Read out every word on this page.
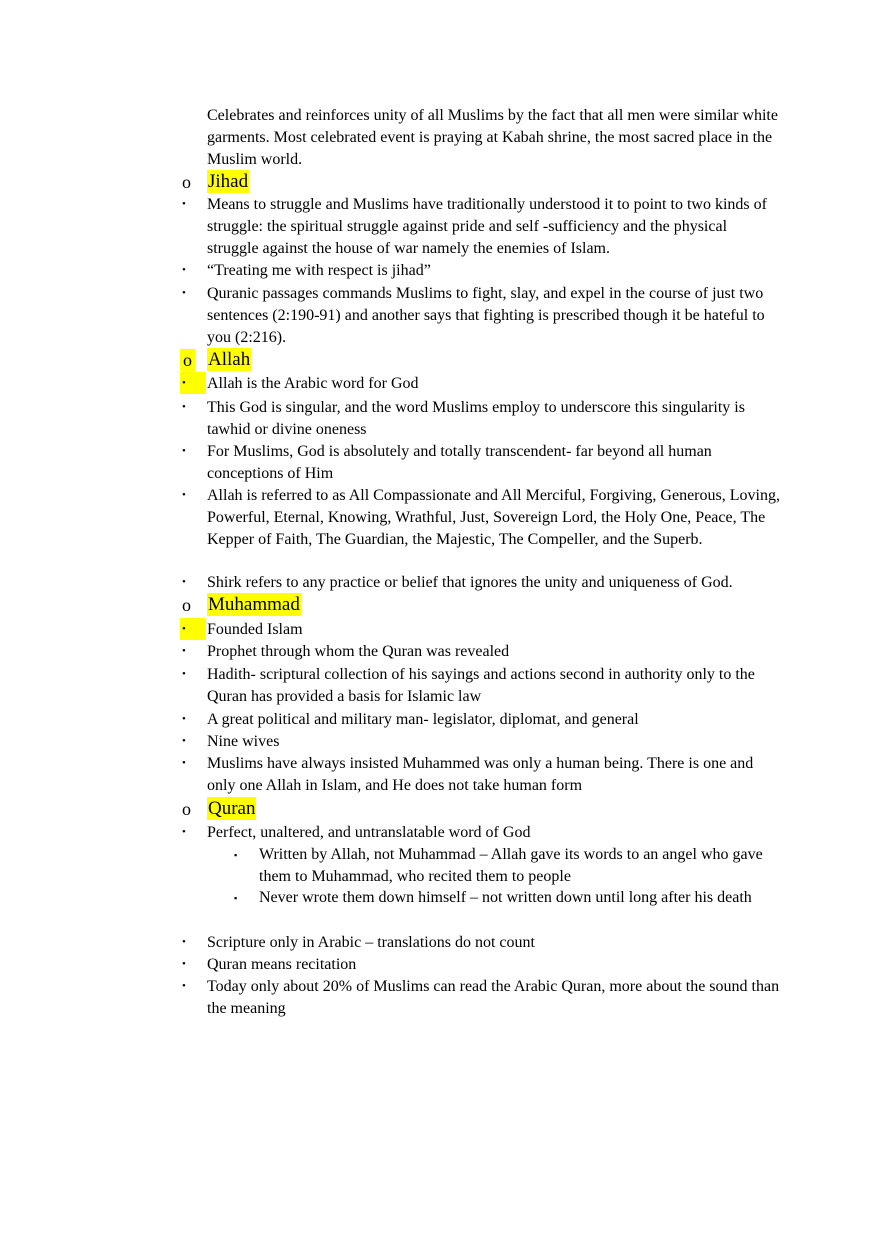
Celebrates and reinforces unity of all Muslims by the fact that all men were similar white garments. Most celebrated event is praying at Kabah shrine, the most sacred place in the Muslim world.
o Jihad
• Means to struggle and Muslims have traditionally understood it to point to two kinds of struggle: the spiritual struggle against pride and self -sufficiency and the physical struggle against the house of war namely the enemies of Islam.
• “Treating me with respect is jihad”
• Quranic passages commands Muslims to fight, slay, and expel in the course of just two sentences (2:190-91) and another says that fighting is prescribed though it be hateful to you (2:216).
o Allah
•	Allah is the Arabic word for God
• This God is singular, and the word Muslims employ to underscore this singularity is tawhid or divine oneness
• For Muslims, God is absolutely and totally transcendent- far beyond all human conceptions of Him
• Allah is referred to as All Compassionate and All Merciful, Forgiving, Generous, Loving, Powerful, Eternal, Knowing, Wrathful, Just, Sovereign Lord, the Holy One, Peace, The Kepper of Faith, The Guardian, the Majestic, The Compeller, and the Superb.
• Shirk refers to any practice or belief that ignores the unity and uniqueness of God.
o Muhammad
•	Founded Islam
• Prophet through whom the Quran was revealed
• Hadith- scriptural collection of his sayings and actions second in authority only to the Quran has provided a basis for Islamic law
• A great political and military man- legislator, diplomat, and general
• Nine wives
• Muslims have always insisted Muhammed was only a human being. There is one and only one Allah in Islam, and He does not take human form
o Quran
• Perfect, unaltered, and untranslatable word of God
▪ Written by Allah, not Muhammad – Allah gave its words to an angel who gave them to Muhammad, who recited them to people
▪ Never wrote them down himself – not written down until long after his death
• Scripture only in Arabic – translations do not count
• Quran means recitation
• Today only about 20% of Muslims can read the Arabic Quran, more about the sound than the meaning
